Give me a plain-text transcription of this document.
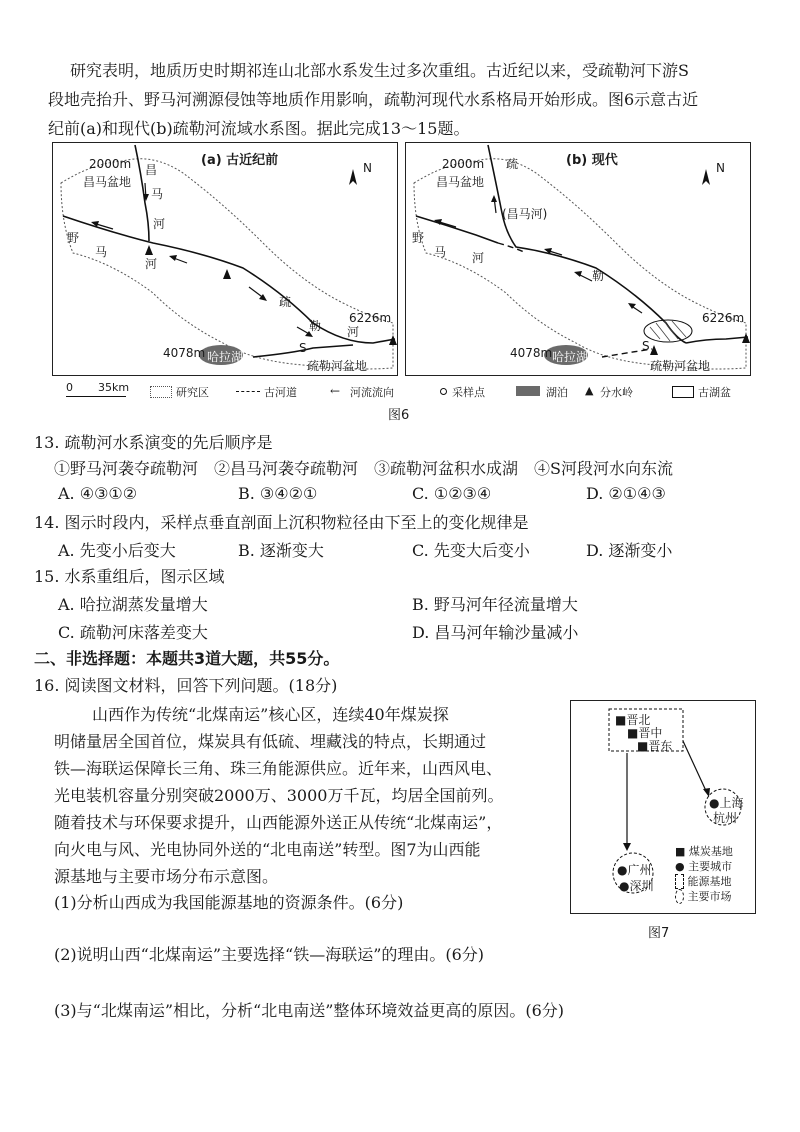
研究表明，地质历史时期祁连山北部水系发生过多次重组。古近纪以来，受疏勒河下游S
段地壳抬升、野马河溯源侵蚀等地质作用影响，疏勒河现代水系格局开始形成。图6示意古近
纪前(a)和现代(b)疏勒河流域水系图。据此完成13～15题。
(a) 古近纪前
2000m
昌马盆地
昌
马
河
野
马
河
疏
勒 河
6226m
4078m 哈拉湖
S
疏勒河盆地
N	(b) 现代
2000m
昌马盆地
疏
(昌马河)
野
马 河
勒
6226m
4078m 哈拉湖
S
疏勒河盆地
N
0 35km	研究区	古河道	← 河流流向	采样点	湖泊 ▲ 分水岭	古湖盆
图6
13. 疏勒河水系演变的先后顺序是
①野马河袭夺疏勒河　②昌马河袭夺疏勒河　③疏勒河盆积水成湖　④S河段河水向东流
A. ④③①②	B. ③④②①	C. ①②③④	D. ②①④③
14. 图示时段内，采样点垂直剖面上沉积物粒径由下至上的变化规律是
A. 先变小后变大	B. 逐渐变大	C. 先变大后变小	D. 逐渐变小
15. 水系重组后，图示区域
A. 哈拉湖蒸发量增大	B. 野马河年径流量增大
C. 疏勒河床落差变大	D. 昌马河年输沙量减小
二、非选择题：本题共3道大题，共55分。
16. 阅读图文材料，回答下列问题。(18分)
山西作为传统“北煤南运”核心区，连续40年煤炭探
明储量居全国首位，煤炭具有低硫、埋藏浅的特点，长期通过
铁—海联运保障长三角、珠三角能源供应。近年来，山西风电、
光电装机容量分别突破2000万、3000万千瓦，均居全国前列。
随着技术与环保要求提升，山西能源外送正从传统“北煤南运”，
向火电与风、光电协同外送的“北电南送”转型。图7为山西能
源基地与主要市场分布示意图。
(1)分析山西成为我国能源基地的资源条件。(6分)
(2)说明山西“北煤南运”主要选择“铁—海联运”的理由。(6分)
(3)与“北煤南运”相比，分析“北电南送”整体环境效益更高的原因。(6分)
■晋北
■晋中
■晋东
●上海
杭州
●广州
●深圳
■ 煤炭基地
● 主要城市
能源基地
主要市场
图7
